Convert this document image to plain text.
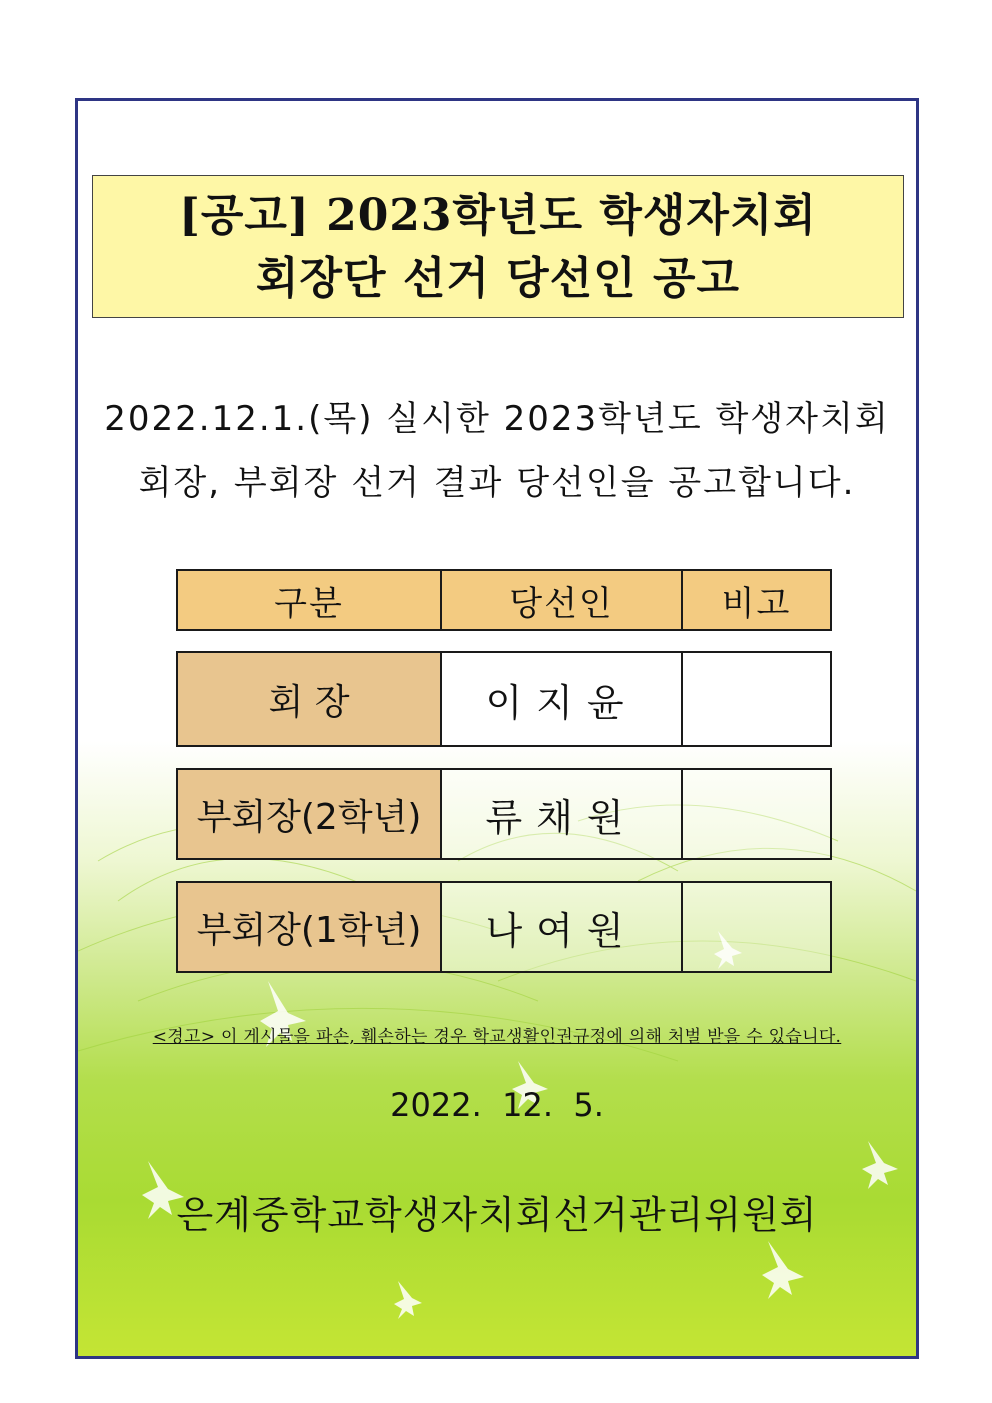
[공고] 2023학년도 학생자치회
회장단 선거 당선인 공고
2022.12.1.(목) 실시한 2023학년도 학생자치회
회장, 부회장 선거 결과 당선인을 공고합니다.
구분	당선인	비고
회 장	이지윤
부회장(2학년)	류채원
부회장(1학년)	나여원
<경고> 이 게시물을 파손, 훼손하는 경우 학교생활인권규정에 의해 처벌 받을 수 있습니다.
2022.  12.  5.
은계중학교학생자치회선거관리위원회
